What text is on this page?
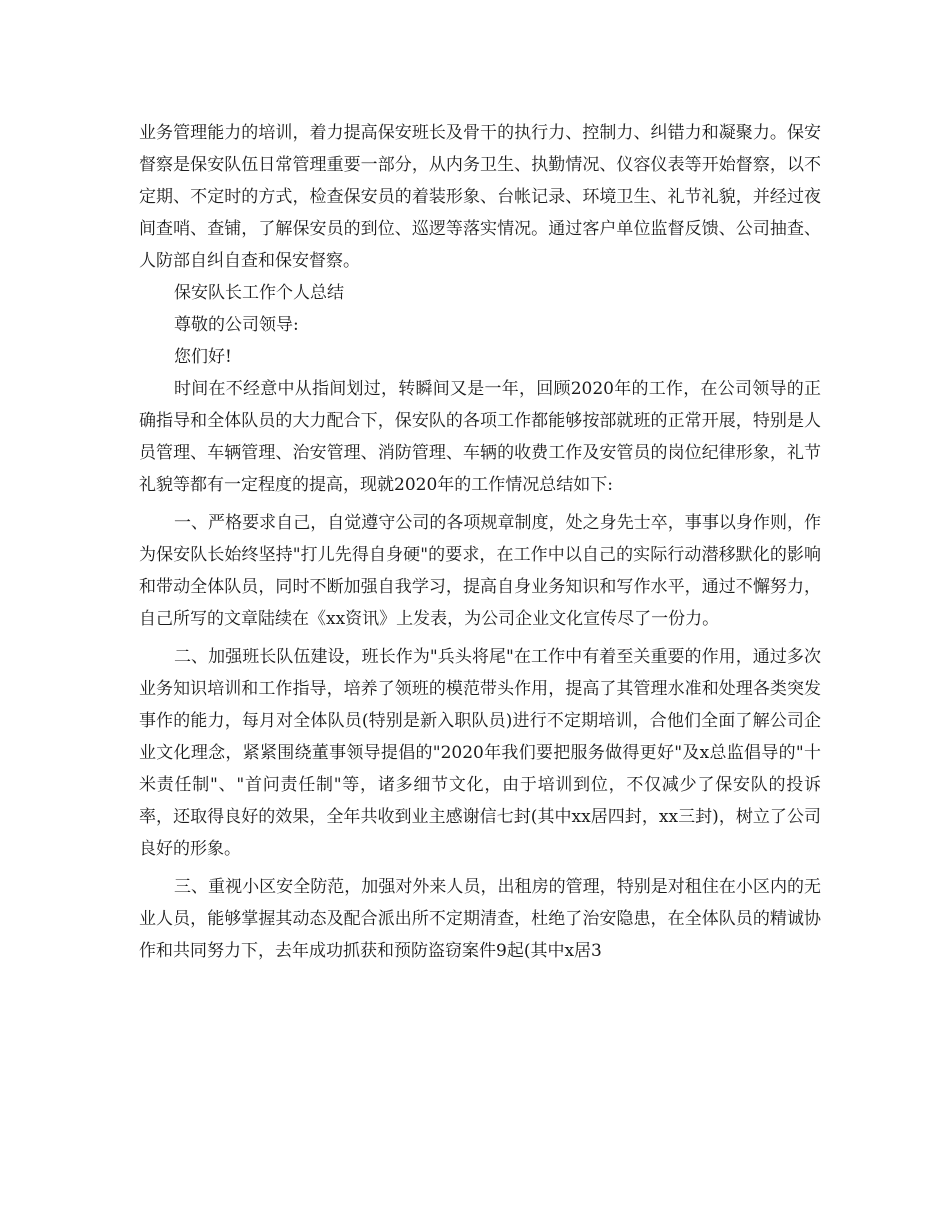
业务管理能力的培训，着力提高保安班长及骨干的执行力、控制力、纠错力和凝聚力。保安督察是保安队伍日常管理重要一部分，从内务卫生、执勤情况、仪容仪表等开始督察，以不定期、不定时的方式，检查保安员的着装形象、台帐记录、环境卫生、礼节礼貌，并经过夜间查哨、查铺，了解保安员的到位、巡逻等落实情况。通过客户单位监督反馈、公司抽查、人防部自纠自查和保安督察。

保安队长工作个人总结

尊敬的公司领导:

您们好!

时间在不经意中从指间划过，转瞬间又是一年，回顾2020年的工作，在公司领导的正确指导和全体队员的大力配合下，保安队的各项工作都能够按部就班的正常开展，特别是人员管理、车辆管理、治安管理、消防管理、车辆的收费工作及安管员的岗位纪律形象，礼节礼貌等都有一定程度的提高，现就2020年的工作情况总结如下:

一、严格要求自己，自觉遵守公司的各项规章制度，处之身先士卒，事事以身作则，作为保安队长始终坚持"打儿先得自身硬"的要求，在工作中以自己的实际行动潜移默化的影响和带动全体队员，同时不断加强自我学习，提高自身业务知识和写作水平，通过不懈努力，自己所写的文章陆续在《xx资讯》上发表，为公司企业文化宣传尽了一份力。

二、加强班长队伍建设，班长作为"兵头将尾"在工作中有着至关重要的作用，通过多次业务知识培训和工作指导，培养了领班的模范带头作用，提高了其管理水准和处理各类突发事作的能力，每月对全体队员(特别是新入职队员)进行不定期培训，合他们全面了解公司企业文化理念，紧紧围绕董事领导提倡的"2020年我们要把服务做得更好"及x总监倡导的"十米责任制"、"首问责任制"等，诸多细节文化，由于培训到位，不仅减少了保安队的投诉率，还取得良好的效果，全年共收到业主感谢信七封(其中xx居四封，xx三封)，树立了公司良好的形象。

三、重视小区安全防范，加强对外来人员，出租房的管理，特别是对租住在小区内的无业人员，能够掌握其动态及配合派出所不定期清查，杜绝了治安隐患，在全体队员的精诚协作和共同努力下，去年成功抓获和预防盗窃案件9起(其中x居3
